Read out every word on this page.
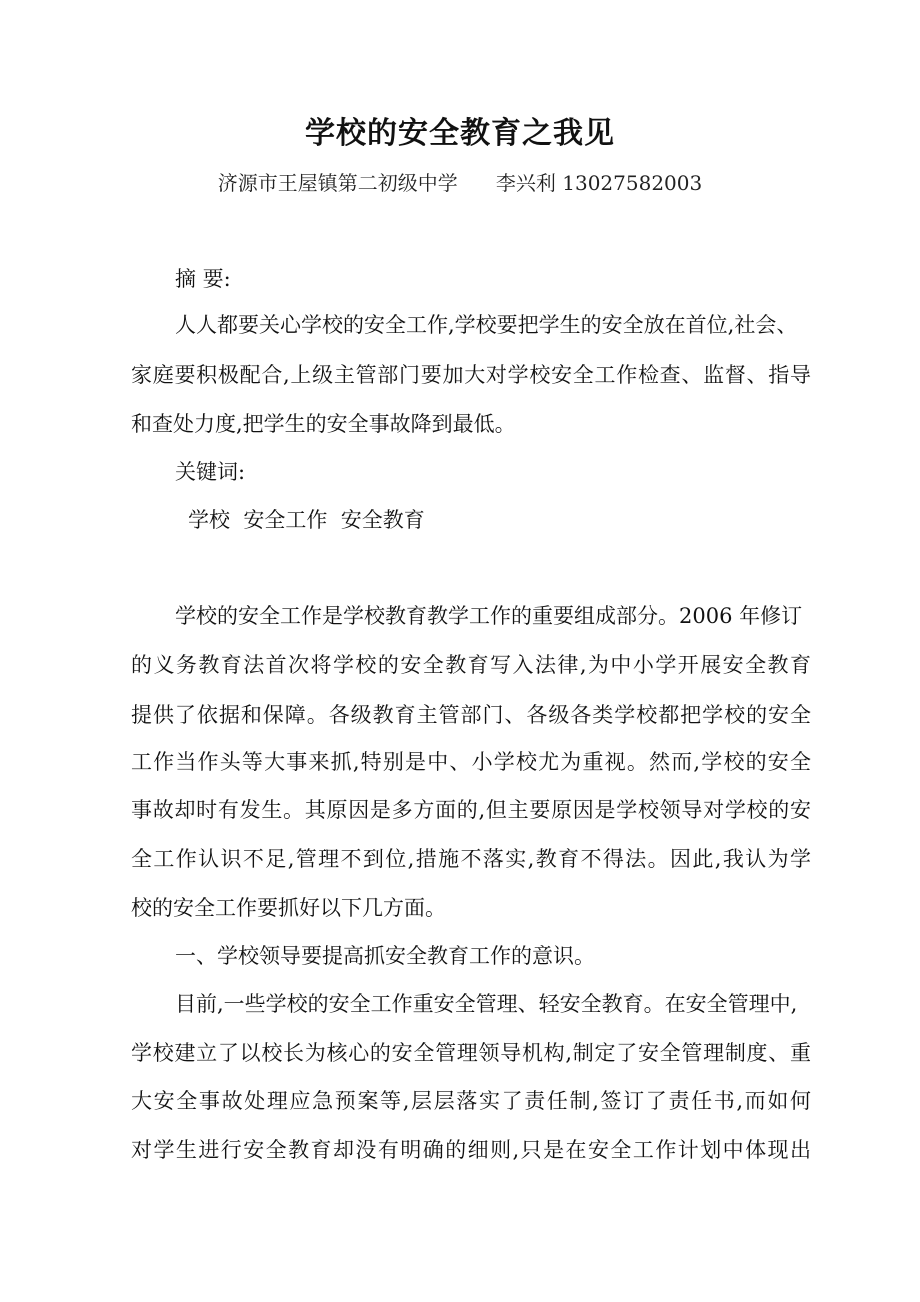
学校的安全教育之我见
济源市王屋镇第二初级中学      李兴利 13027582003

摘 要:

人人都要关心学校的安全工作,学校要把学生的安全放在首位,社会、

家庭要积极配合,上级主管部门要加大对学校安全工作检查、监督、指导

和查处力度,把学生的安全事故降到最低。

关键词:

学校  安全工作  安全教育

学校的安全工作是学校教育教学工作的重要组成部分。2006 年修订

的义务教育法首次将学校的安全教育写入法律,为中小学开展安全教育

提供了依据和保障。各级教育主管部门、各级各类学校都把学校的安全

工作当作头等大事来抓,特别是中、小学校尤为重视。然而,学校的安全

事故却时有发生。其原因是多方面的,但主要原因是学校领导对学校的安

全工作认识不足,管理不到位,措施不落实,教育不得法。因此,我认为学

校的安全工作要抓好以下几方面。

一、学校领导要提高抓安全教育工作的意识。

目前,一些学校的安全工作重安全管理、轻安全教育。在安全管理中,

学校建立了以校长为核心的安全管理领导机构,制定了安全管理制度、重

大安全事故处理应急预案等,层层落实了责任制,签订了责任书,而如何

对学生进行安全教育却没有明确的细则,只是在安全工作计划中体现出
